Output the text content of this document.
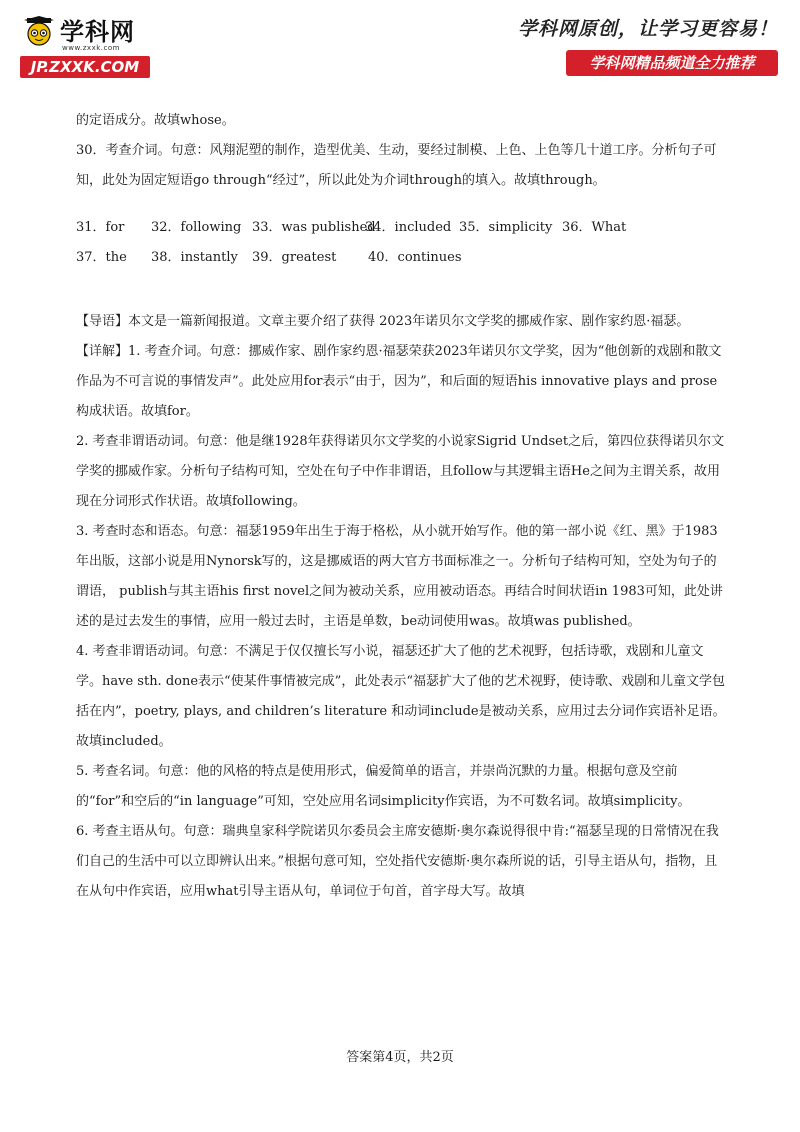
学科网
www.zxxk.com
JP.ZXXK.COM
学科网原创，让学习更容易！
学科网精品频道全力推荐

的定语成分。故填whose。

30．考查介词。句意：风翔泥塑的制作，造型优美、生动，要经过制模、上色、上色等几十道工序。分析句子可知，此处为固定短语go through“经过”，所以此处为介词through的填入。故填through。

31．for 32．following 33．was published34．included 35．simplicity 36．What
37．the 38．instantly 39．greatest 40．continues

【导语】本文是一篇新闻报道。文章主要介绍了获得 2023年诺贝尔文学奖的挪威作家、剧作家约恩·福瑟。

【详解】1. 考查介词。句意：挪威作家、剧作家约恩·福瑟荣获2023年诺贝尔文学奖，因为“他创新的戏剧和散文作品为不可言说的事情发声”。此处应用for表示“由于，因为”，和后面的短语his innovative plays and prose构成状语。故填for。

2. 考查非谓语动词。句意：他是继1928年获得诺贝尔文学奖的小说家Sigrid Undset之后，第四位获得诺贝尔文学奖的挪威作家。分析句子结构可知，空处在句子中作非谓语，且follow与其逻辑主语He之间为主谓关系，故用现在分词形式作状语。故填following。

3. 考查时态和语态。句意：福瑟1959年出生于海于格松，从小就开始写作。他的第一部小说《红、黑》于1983年出版，这部小说是用Nynorsk写的，这是挪威语的两大官方书面标准之一。分析句子结构可知，空处为句子的谓语， publish与其主语his first novel之间为被动关系，应用被动语态。再结合时间状语in 1983可知，此处讲述的是过去发生的事情，应用一般过去时，主语是单数，be动词使用was。故填was published。

4. 考查非谓语动词。句意：不满足于仅仅擅长写小说，福瑟还扩大了他的艺术视野，包括诗歌，戏剧和儿童文学。have sth. done表示“使某件事情被完成”，此处表示“福瑟扩大了他的艺术视野，使诗歌、戏剧和儿童文学包括在内”，poetry, plays, and children’s literature 和动词include是被动关系，应用过去分词作宾语补足语。故填included。

5. 考查名词。句意：他的风格的特点是使用形式，偏爱简单的语言，并崇尚沉默的力量。根据句意及空前的“for”和空后的“in language”可知，空处应用名词simplicity作宾语，为不可数名词。故填simplicity。

6. 考查主语从句。句意：瑞典皇家科学院诺贝尔委员会主席安德斯·奥尔森说得很中肯:“福瑟呈现的日常情况在我们自己的生活中可以立即辨认出来。”根据句意可知，空处指代安德斯·奥尔森所说的话，引导主语从句，指物，且在从句中作宾语，应用what引导主语从句，单词位于句首，首字母大写。故填

答案第4页，共2页
